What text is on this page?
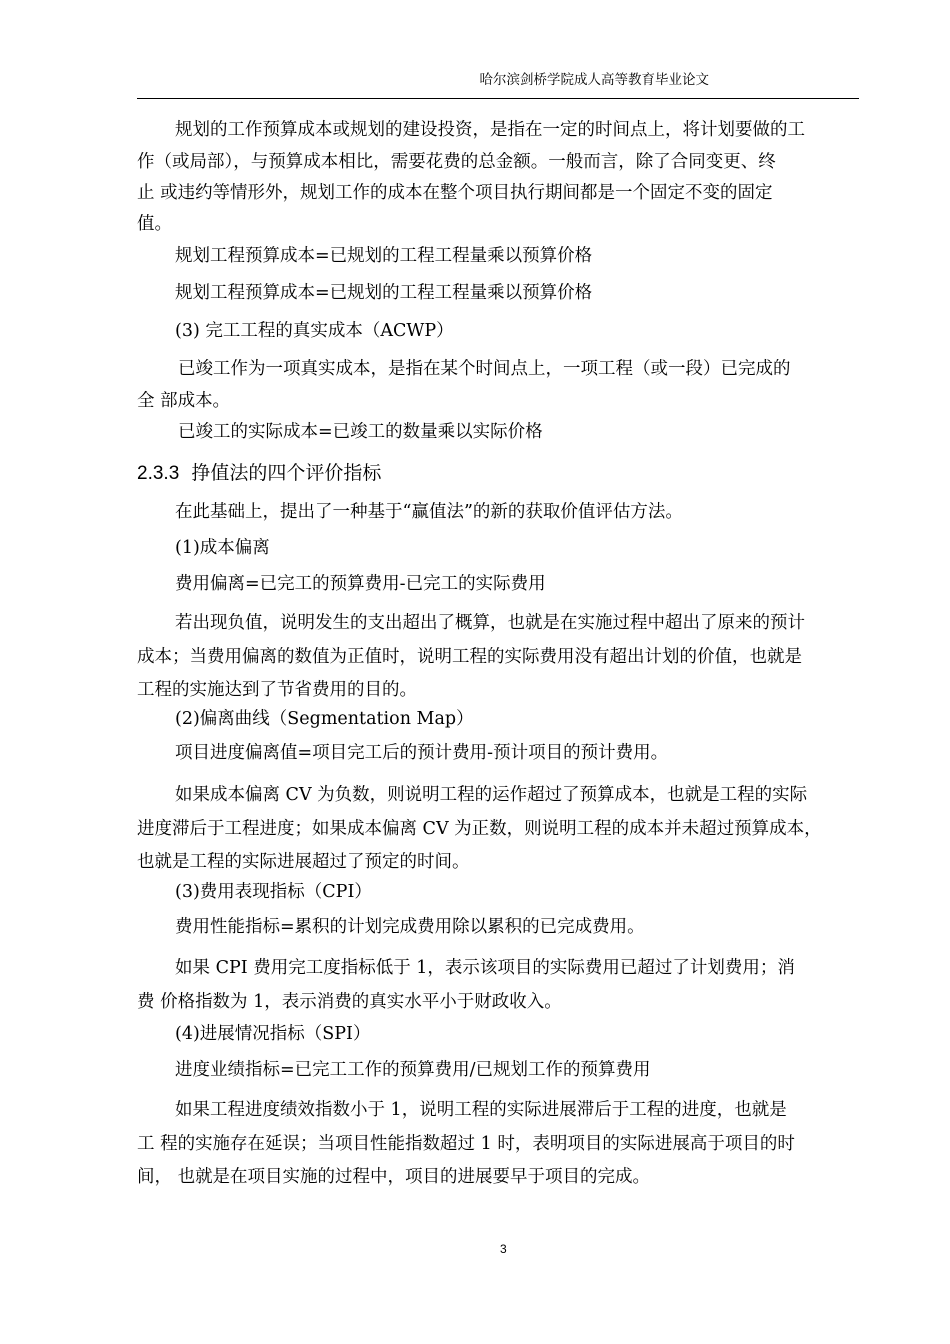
哈尔滨剑桥学院成人高等教育毕业论文
规划的工作预算成本或规划的建设投资，是指在一定的时间点上，将计划要做的工
作（或局部），与预算成本相比，需要花费的总金额。一般而言，除了合同变更、终
止 或违约等情形外，规划工作的成本在整个项目执行期间都是一个固定不变的固定
值。
规划工程预算成本=已规划的工程工程量乘以预算价格
规划工程预算成本=已规划的工程工程量乘以预算价格
(3) 完工工程的真实成本（ACWP）
已竣工作为一项真实成本，是指在某个时间点上，一项工程（或一段）已完成的
全 部成本。
已竣工的实际成本=已竣工的数量乘以实际价格
2.3.3 挣值法的四个评价指标
在此基础上，提出了一种基于“赢值法”的新的获取价值评估方法。
(1)成本偏离
费用偏离=已完工的预算费用-已完工的实际费用
若出现负值，说明发生的支出超出了概算，也就是在实施过程中超出了原来的预计
成本；当费用偏离的数值为正值时，说明工程的实际费用没有超出计划的价值，也就是
工程的实施达到了节省费用的目的。
(2)偏离曲线（Segmentation Map）
项目进度偏离值=项目完工后的预计费用-预计项目的预计费用。
如果成本偏离 CV 为负数，则说明工程的运作超过了预算成本，也就是工程的实际
进度滞后于工程进度；如果成本偏离 CV 为正数，则说明工程的成本并未超过预算成本，
也就是工程的实际进展超过了预定的时间。
(3)费用表现指标（CPI）
费用性能指标=累积的计划完成费用除以累积的已完成费用。
如果 CPI 费用完工度指标低于 1，表示该项目的实际费用已超过了计划费用；消
费 价格指数为 1，表示消费的真实水平小于财政收入。
(4)进展情况指标（SPI）
进度业绩指标=已完工工作的预算费用/已规划工作的预算费用
如果工程进度绩效指数小于 1，说明工程的实际进展滞后于工程的进度，也就是
工 程的实施存在延误；当项目性能指数超过 1 时，表明项目的实际进展高于项目的时
间， 也就是在项目实施的过程中，项目的进展要早于项目的完成。
3
